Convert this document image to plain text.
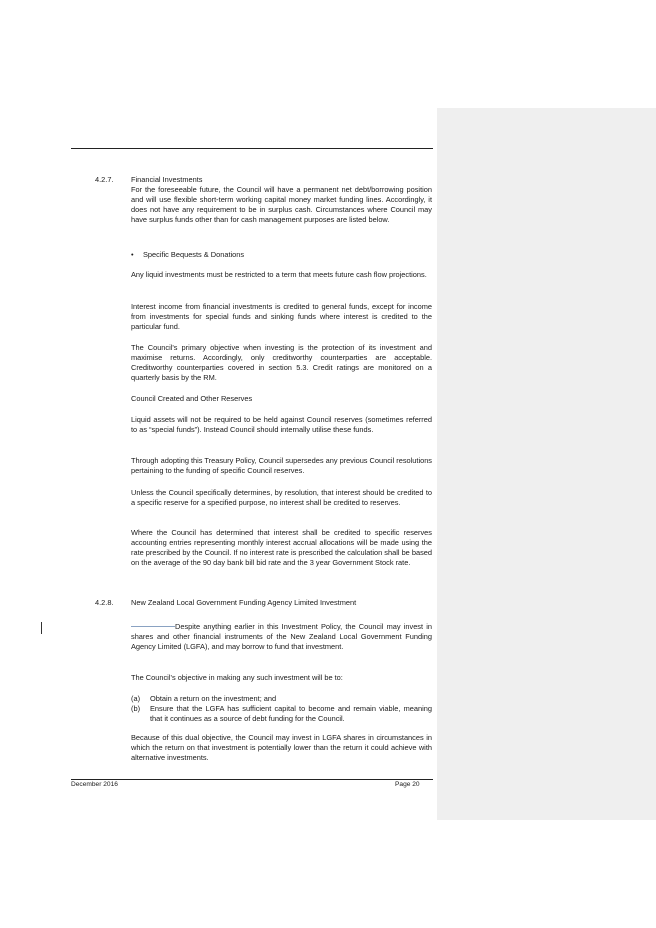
4.2.7. Financial Investments

For the foreseeable future, the Council will have a permanent net debt/borrowing position and will use flexible short-term working capital money market funding lines. Accordingly, it does not have any requirement to be in surplus cash. Circumstances where Council may have surplus funds other than for cash management purposes are listed below.

• Specific Bequests & Donations

Any liquid investments must be restricted to a term that meets future cash flow projections.

Interest income from financial investments is credited to general funds, except for income from investments for special funds and sinking funds where interest is credited to the particular fund.

The Council's primary objective when investing is the protection of its investment and maximise returns. Accordingly, only creditworthy counterparties are acceptable. Creditworthy counterparties covered in section 5.3. Credit ratings are monitored on a quarterly basis by the RM.

Council Created and Other Reserves

Liquid assets will not be required to be held against Council reserves (sometimes referred to as “special funds”). Instead Council should internally utilise these funds.

Through adopting this Treasury Policy, Council supersedes any previous Council resolutions pertaining to the funding of specific Council reserves.

Unless the Council specifically determines, by resolution, that interest should be credited to a specific reserve for a specified purpose, no interest shall be credited to reserves.

Where the Council has determined that interest shall be credited to specific reserves accounting entries representing monthly interest accrual allocations will be made using the rate prescribed by the Council. If no interest rate is prescribed the calculation shall be based on the average of the 90 day bank bill bid rate and the 3 year Government Stock rate.

4.2.8. New Zealand Local Government Funding Agency Limited Investment

Despite anything earlier in this Investment Policy, the Council may invest in shares and other financial instruments of the New Zealand Local Government Funding Agency Limited (LGFA), and may borrow to fund that investment.

The Council’s objective in making any such investment will be to:

(a)	Obtain a return on the investment; and

(b)	Ensure that the LGFA has sufficient capital to become and remain viable, meaning that it continues as a source of debt funding for the Council.

Because of this dual objective, the Council may invest in LGFA shares in circumstances in which the return on that investment is potentially lower than the return it could achieve with alternative investments.

December 2016	Page 20
